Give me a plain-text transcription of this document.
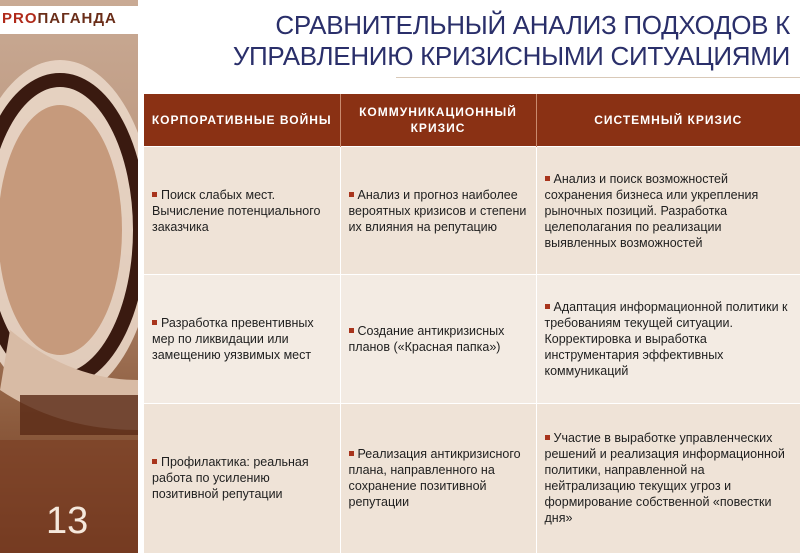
PROПАГАНДА
13
СРАВНИТЕЛЬНЫЙ АНАЛИЗ ПОДХОДОВ К УПРАВЛЕНИЮ КРИЗИСНЫМИ СИТУАЦИЯМИ
КОРПОРАТИВНЫЕ ВОЙНЫ	КОММУНИКАЦИОННЫЙ КРИЗИС	СИСТЕМНЫЙ КРИЗИС
Поиск слабых мест. Вычисление потенциального заказчика	Анализ и прогноз наиболее вероятных кризисов и степени их влияния на репутацию	Анализ и поиск возможностей сохранения бизнеса или укрепления рыночных позиций. Разработка целеполагания по реализации выявленных возможностей
Разработка превентивных мер по ликвидации или замещению уязвимых мест	Создание антикризисных планов («Красная папка»)	Адаптация информационной политики к требованиям текущей ситуации. Корректировка и выработка инструментария эффективных коммуникаций
Профилактика: реальная работа по усилению позитивной репутации	Реализация антикризисного плана, направленного на сохранение позитивной репутации	Участие в выработке управленческих решений и реализация информационной политики, направленной на нейтрализацию текущих угроз и формирование собственной «повестки дня»
